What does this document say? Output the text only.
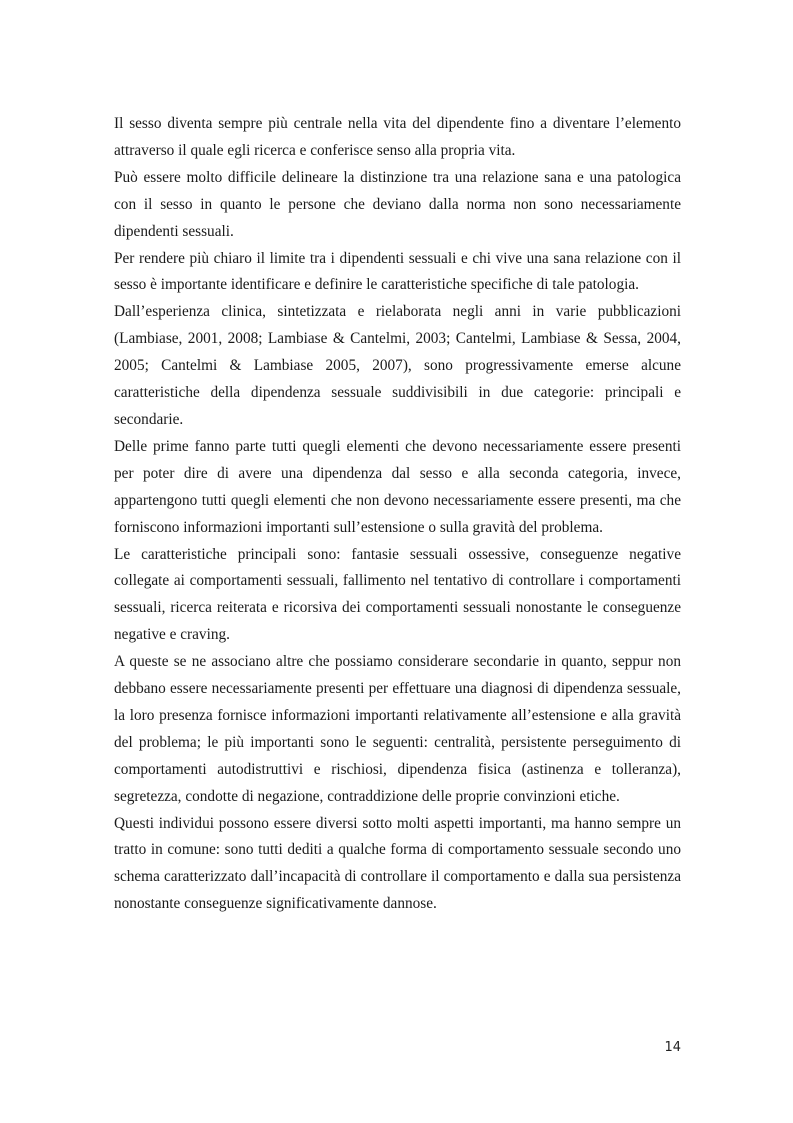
Il sesso diventa sempre più centrale nella vita del dipendente fino a diventare l’elemento attraverso il quale egli ricerca e conferisce senso alla propria vita.

Può essere molto difficile delineare la distinzione tra una relazione sana e una patologica con il sesso in quanto le persone che deviano dalla norma non sono necessariamente dipendenti sessuali.

Per rendere più chiaro il limite tra i dipendenti sessuali e chi vive una sana relazione con il sesso è importante identificare e definire le caratteristiche specifiche di tale patologia.

Dall’esperienza clinica, sintetizzata e rielaborata negli anni in varie pubblicazioni (Lambiase, 2001, 2008; Lambiase & Cantelmi, 2003; Cantelmi, Lambiase & Sessa, 2004, 2005; Cantelmi & Lambiase 2005, 2007), sono progressivamente emerse alcune caratteristiche della dipendenza sessuale suddivisibili in due categorie: principali e secondarie.

Delle prime fanno parte tutti quegli elementi che devono necessariamente essere presenti per poter dire di avere una dipendenza dal sesso e alla seconda categoria, invece, appartengono tutti quegli elementi che non devono necessariamente essere presenti, ma che forniscono informazioni importanti sull’estensione o sulla gravità del problema.

Le caratteristiche principali sono: fantasie sessuali ossessive, conseguenze negative collegate ai comportamenti sessuali, fallimento nel tentativo di controllare i comportamenti sessuali, ricerca reiterata e ricorsiva dei comportamenti sessuali nonostante le conseguenze negative e craving.

A queste se ne associano altre che possiamo considerare secondarie in quanto, seppur non debbano essere necessariamente presenti per effettuare una diagnosi di dipendenza sessuale, la loro presenza fornisce informazioni importanti relativamente all’estensione e alla gravità del problema; le più importanti sono le seguenti: centralità, persistente perseguimento di comportamenti autodistruttivi e rischiosi, dipendenza fisica (astinenza e tolleranza), segretezza, condotte di negazione, contraddizione delle proprie convinzioni etiche.

Questi individui possono essere diversi sotto molti aspetti importanti, ma hanno sempre un tratto in comune: sono tutti dediti a qualche forma di comportamento sessuale secondo uno schema caratterizzato dall’incapacità di controllare il comportamento e dalla sua persistenza nonostante conseguenze significativamente dannose.

14
